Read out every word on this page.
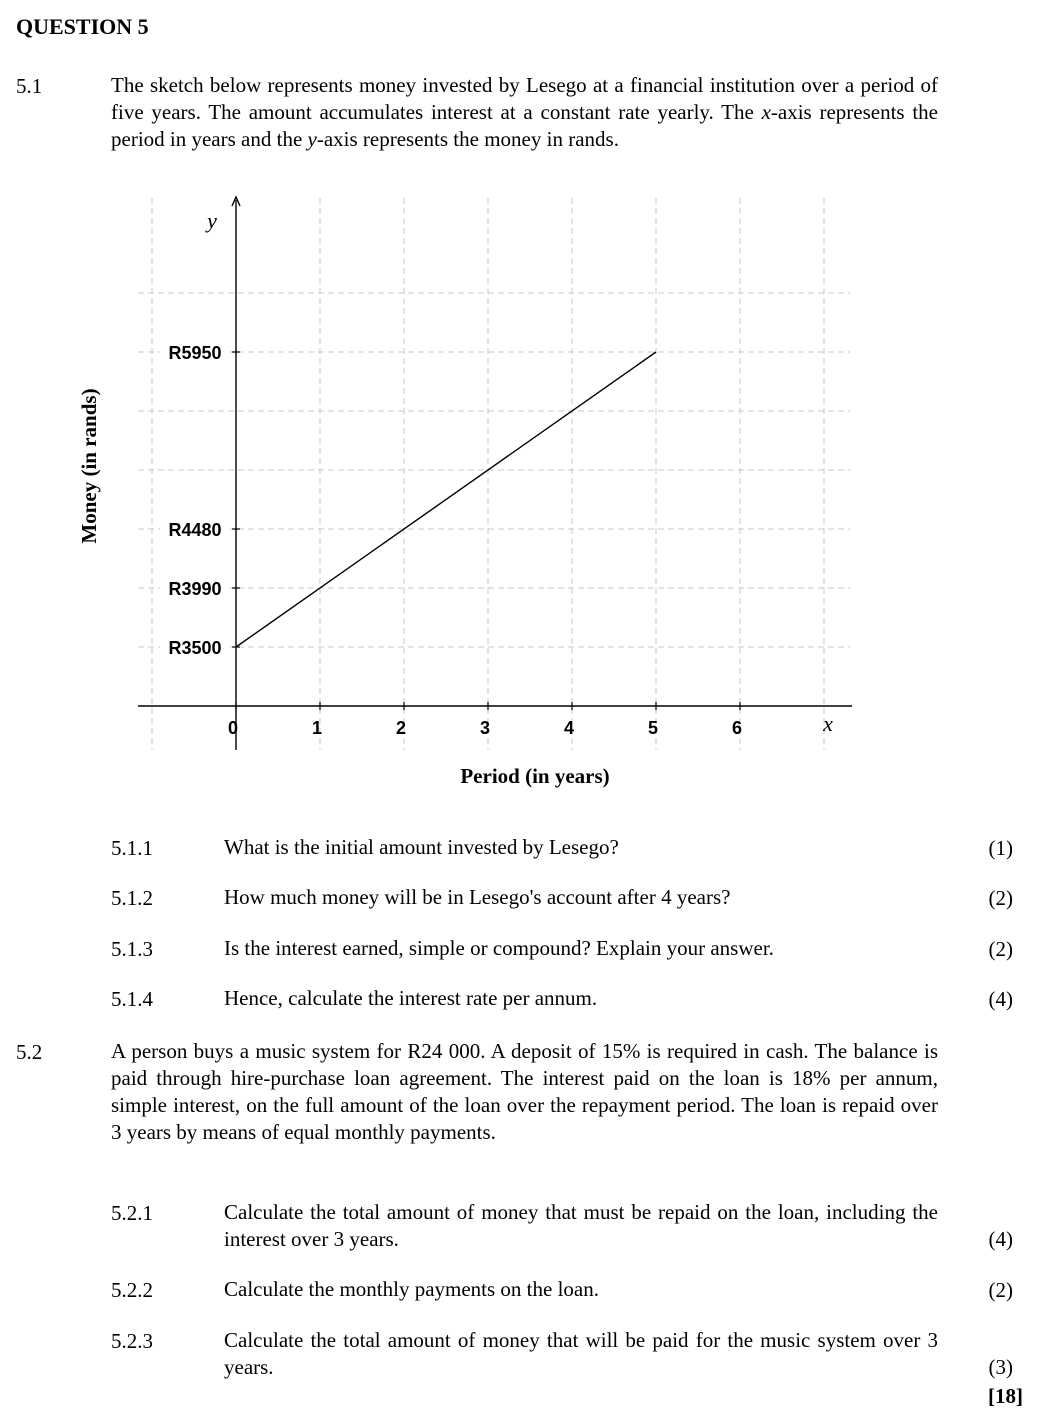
QUESTION 5
5.1	The sketch below represents money invested by Lesego at a financial institution over a period of five years. The amount accumulates interest at a constant rate yearly. The x-axis represents the period in years and the y-axis represents the money in rands.
y
x
Period (in years)
Money (in rands)
0	1	2	3	4	5	6
R3500
R3990
R4480
R5950
5.1.1	What is the initial amount invested by Lesego?	(1)
5.1.2	How much money will be in Lesego's account after 4 years?	(2)
5.1.3	Is the interest earned, simple or compound? Explain your answer.	(2)
5.1.4	Hence, calculate the interest rate per annum.	(4)
5.2	A person buys a music system for R24 000. A deposit of 15% is required in cash. The balance is paid through hire-purchase loan agreement. The interest paid on the loan is 18% per annum, simple interest, on the full amount of the loan over the repayment period. The loan is repaid over 3 years by means of equal monthly payments.
5.2.1	Calculate the total amount of money that must be repaid on the loan, including the interest over 3 years.	(4)
5.2.2	Calculate the monthly payments on the loan.	(2)
5.2.3	Calculate the total amount of money that will be paid for the music system over 3 years.	(3)
[18]
